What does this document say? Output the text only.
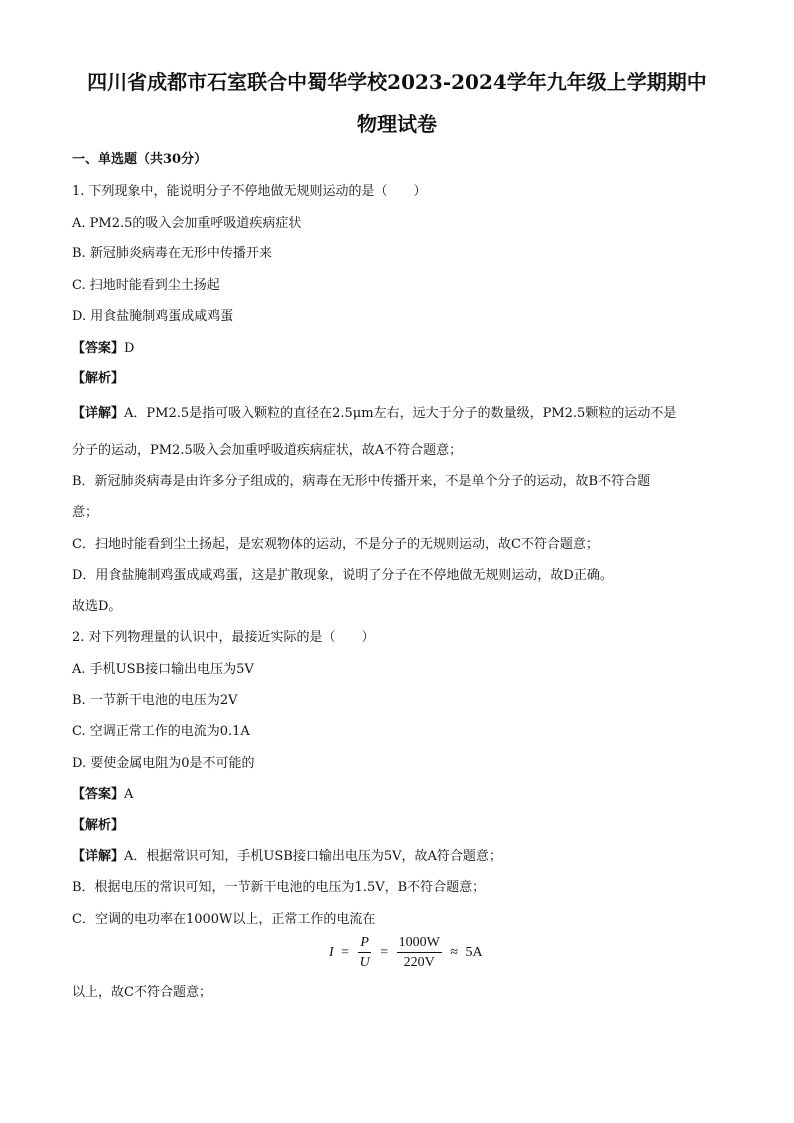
四川省成都市石室联合中蜀华学校2023-2024学年九年级上学期期中
物理试卷
一、单选题（共30分）
1. 下列现象中，能说明分子不停地做无规则运动的是（　　）
A. PM2.5的吸入会加重呼吸道疾病症状
B. 新冠肺炎病毒在无形中传播开来
C. 扫地时能看到尘土扬起
D. 用食盐腌制鸡蛋成咸鸡蛋
【答案】D
【解析】
【详解】A．PM2.5是指可吸入颗粒的直径在2.5μm左右，远大于分子的数量级，PM2.5颗粒的运动不是
分子的运动，PM2.5吸入会加重呼吸道疾病症状，故A不符合题意；
B．新冠肺炎病毒是由许多分子组成的，病毒在无形中传播开来，不是单个分子的运动，故B不符合题
意；
C．扫地时能看到尘土扬起，是宏观物体的运动，不是分子的无规则运动，故C不符合题意；
D．用食盐腌制鸡蛋成咸鸡蛋，这是扩散现象，说明了分子在不停地做无规则运动，故D正确。
故选D。
2. 对下列物理量的认识中，最接近实际的是（　　）
A. 手机USB接口输出电压为5V
B. 一节新干电池的电压为2V
C. 空调正常工作的电流为0.1A
D. 要使金属电阻为0是不可能的
【答案】A
【解析】
【详解】A．根据常识可知，手机USB接口输出电压为5V，故A符合题意；
B．根据电压的常识可知，一节新干电池的电压为1.5V，B不符合题意；
C．空调的电功率在1000W以上，正常工作的电流在
$I = \frac{P}{U} = \frac{1000W}{220V} \approx 5A$
以上，故C不符合题意；
